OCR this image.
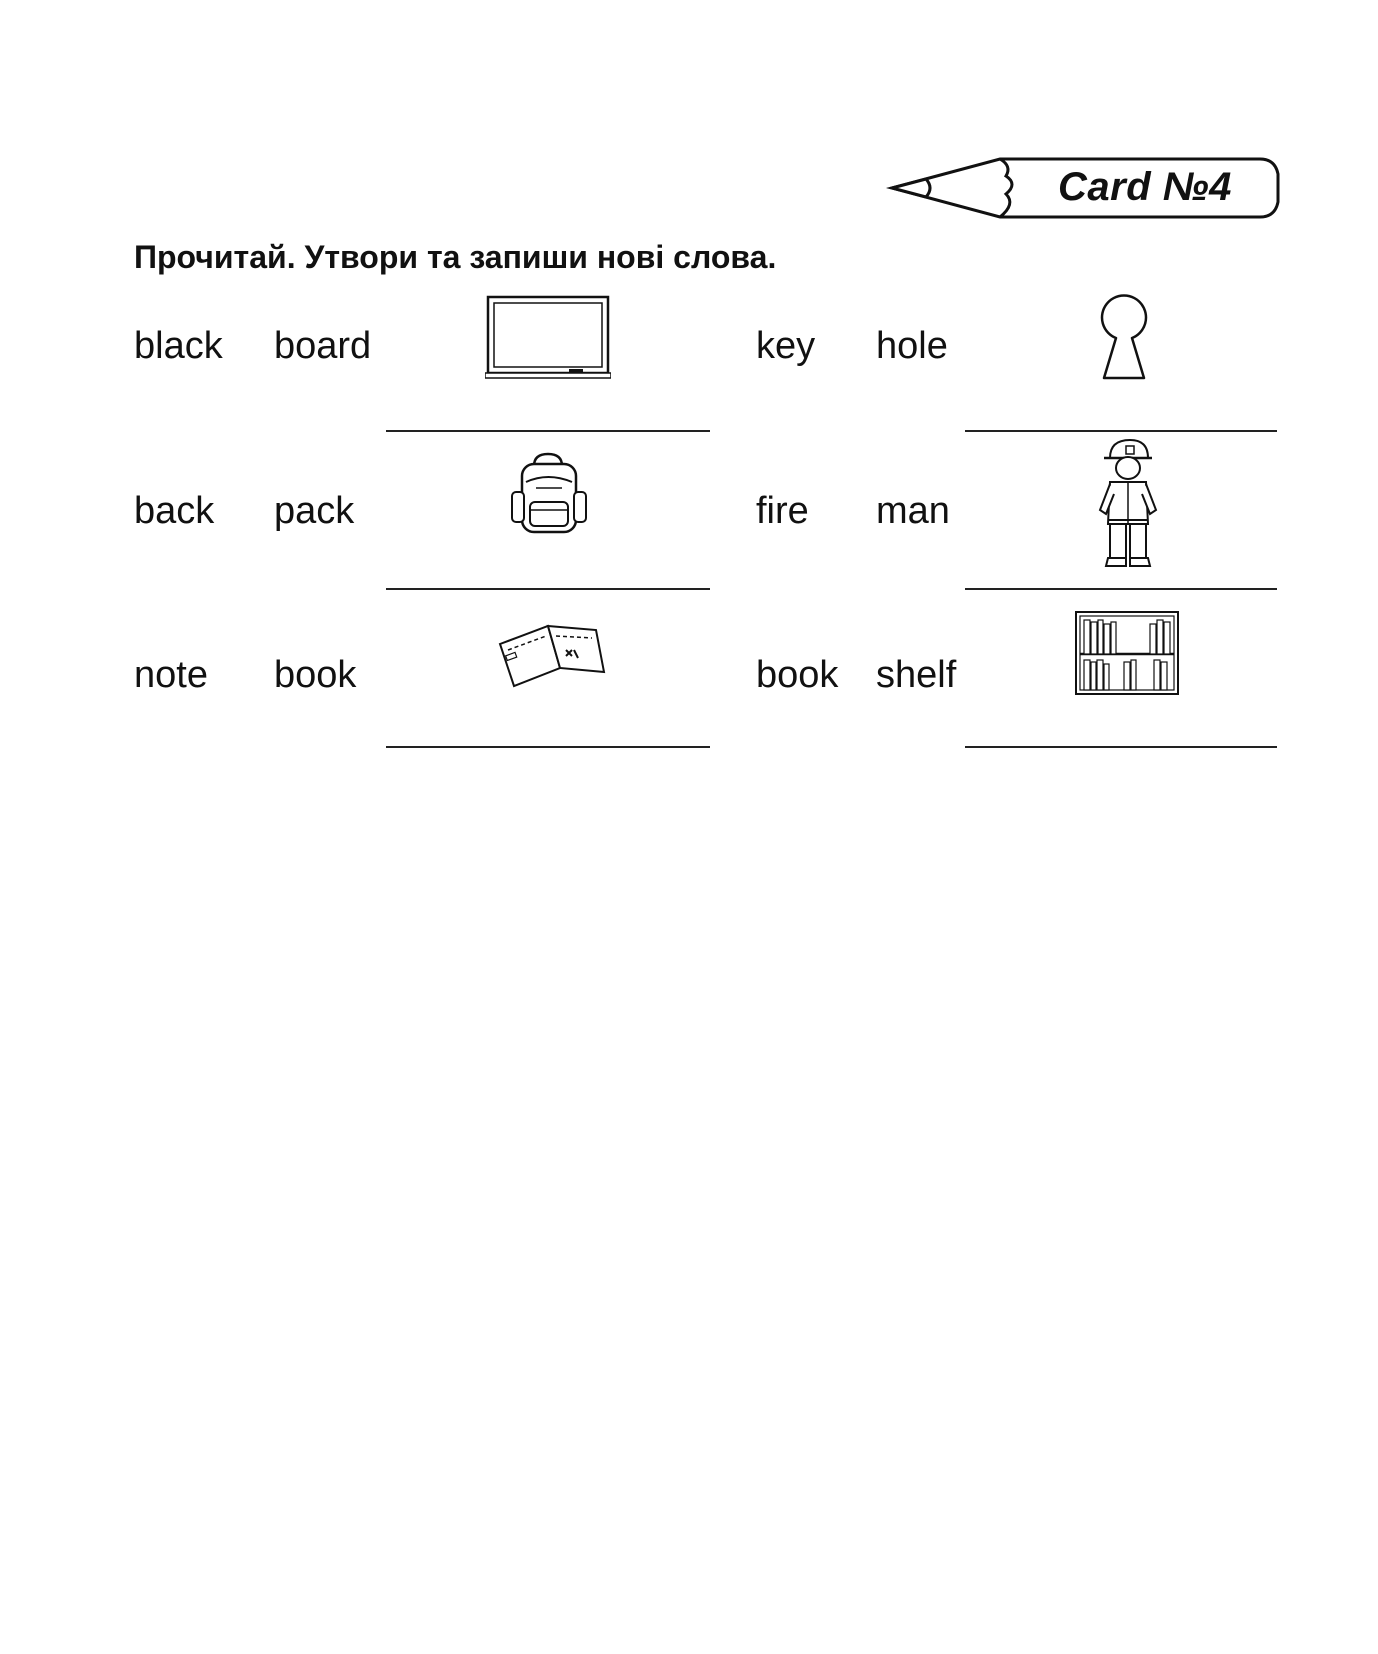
Card №4
Прочитай. Утвори та запиши нові слова.
black board
back pack
note book
key hole
fire man
book shelf
